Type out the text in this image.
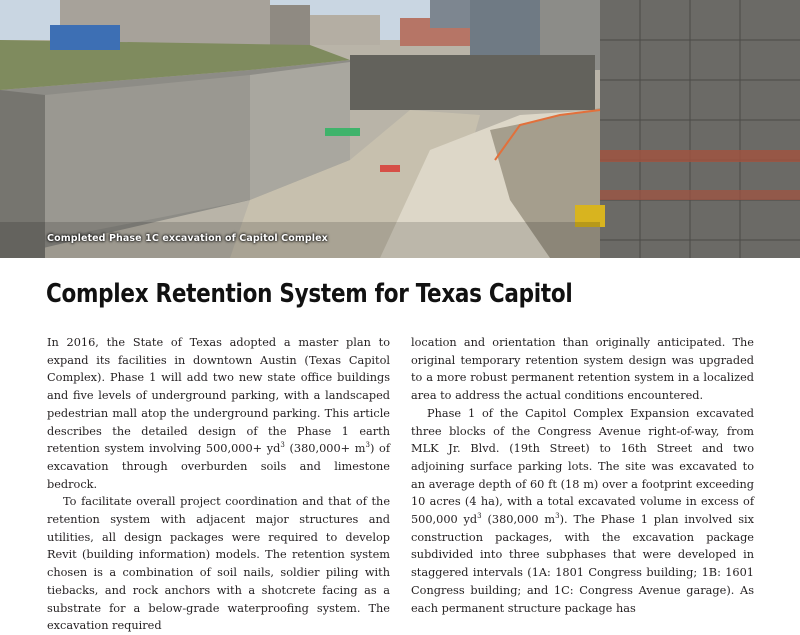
Completed Phase 1C excavation of Capitol Complex
Complex Retention System for Texas Capitol

In 2016, the State of Texas adopted a master plan to expand its facilities in downtown Austin (Texas Capitol Complex). Phase 1 will add two new state office buildings and five levels of underground parking, with a landscaped pedestrian mall atop the underground parking. This article describes the detailed design of the Phase 1 earth retention system involving $500,000+ yd^3$ $(380,000+ m^3)$ of excavation through overburden soils and limestone bedrock.

To facilitate overall project coordination and that of the retention system with adjacent major structures and utilities, all design packages were required to develop Revit (building information) models. The retention system chosen is a combination of soil nails, soldier piling with tiebacks, and rock anchors with a shotcrete facing as a substrate for a below-grade waterproofing system. The excavation required

location and orientation than originally anticipated. The original temporary retention system design was upgraded to a more robust permanent retention system in a localized area to address the actual conditions encountered.

Phase 1 of the Capitol Complex Expansion excavated three blocks of the Congress Avenue right-of-way, from MLK Jr. Blvd. (19th Street) to 16th Street and two adjoining surface parking lots. The site was excavated to an average depth of 60 ft (18 m) over a footprint exceeding 10 acres (4 ha), with a total excavated volume in excess of 500,000 $yd^3$ (380,000 $m^3$). The Phase 1 plan involved six construction packages, with the excavation package subdivided into three subphases that were developed in staggered intervals (1A: 1801 Congress building; 1B: 1601 Congress building; and 1C: Congress Avenue garage). As each permanent structure package has
